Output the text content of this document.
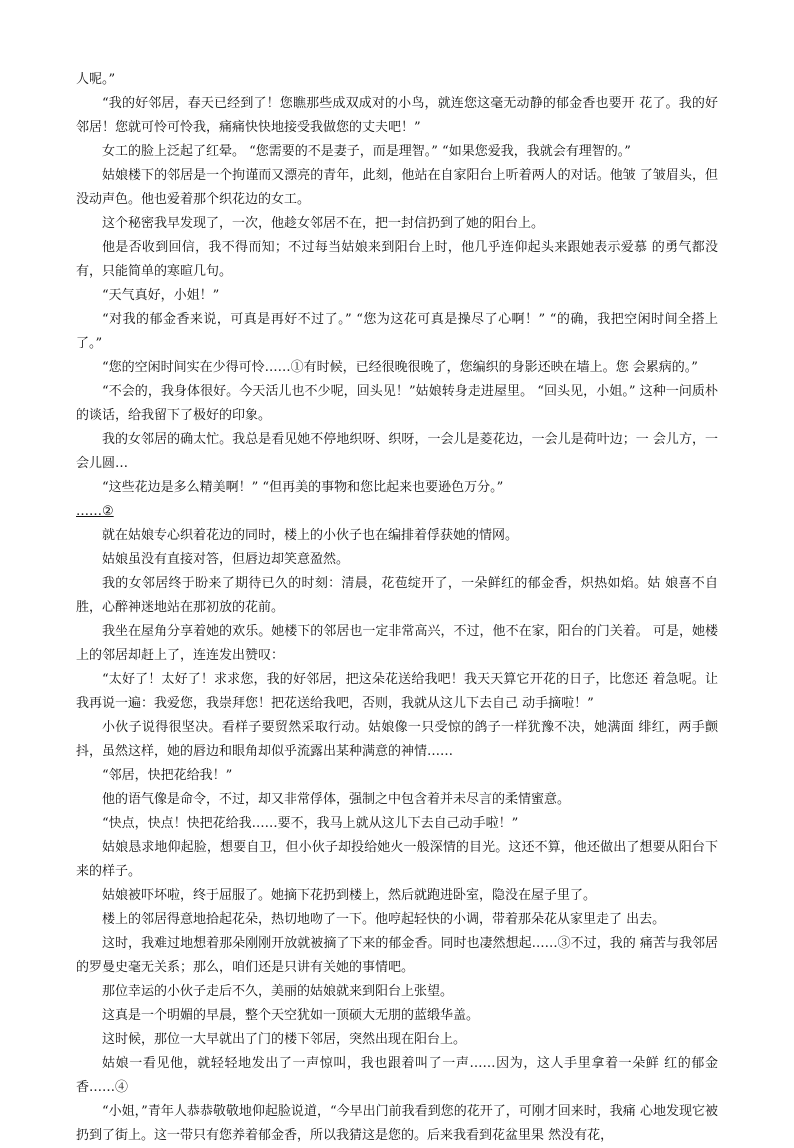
人呢。”

“我的好邻居，春天已经到了！您瞧那些成双成对的小鸟，就连您这毫无动静的郁金香也要开 花了。我的好邻居！您就可怜可怜我，痛痛快快地接受我做您的丈夫吧！”

女工的脸上泛起了红晕。 “您需要的不是妻子，而是理智。” “如果您爱我，我就会有理智的。”

姑娘楼下的邻居是一个拘谨而又漂亮的青年，此刻，他站在自家阳台上听着两人的对话。他皱 了皱眉头，但没动声色。他也爱着那个织花边的女工。

这个秘密我早发现了，一次，他趁女邻居不在，把一封信扔到了她的阳台上。

他是否收到回信，我不得而知；不过每当姑娘来到阳台上时，他几乎连仰起头来跟她表示爱慕 的勇气都没有，只能简单的寒暄几句。

“天气真好，小姐！”

“对我的郁金香来说，可真是再好不过了。” “您为这花可真是操尽了心啊！” “的确，我把空闲时间全搭上了。”

“您的空闲时间实在少得可怜……①有时候，已经很晚很晚了，您编织的身影还映在墙上。您 会累病的。”

“不会的，我身体很好。今天活儿也不少呢，回头见！”姑娘转身走进屋里。 “回头见，小姐。” 这种一问质朴的谈话，给我留下了极好的印象。

我的女邻居的确太忙。我总是看见她不停地织呀、织呀，一会儿是菱花边，一会儿是荷叶边；一 会儿方，一会儿圆…

“这些花边是多么精美啊！” “但再美的事物和您比起来也要逊色万分。”

……②

就在姑娘专心织着花边的同时，楼上的小伙子也在编排着俘获她的情网。

姑娘虽没有直接对答，但唇边却笑意盈然。

我的女邻居终于盼来了期待已久的时刻：清晨，花苞绽开了，一朵鲜红的郁金香，炽热如焰。姑 娘喜不自胜，心醉神迷地站在那初放的花前。

我坐在屋角分享着她的欢乐。她楼下的邻居也一定非常高兴，不过，他不在家，阳台的门关着。 可是，她楼上的邻居却赶上了，连连发出赞叹：

“太好了！太好了！求求您，我的好邻居，把这朵花送给我吧！我天天算它开花的日子，比您还 着急呢。让我再说一遍：我爱您，我崇拜您！把花送给我吧，否则，我就从这儿下去自己 动手摘啦！”

小伙子说得很坚决。看样子要贸然采取行动。姑娘像一只受惊的鸽子一样犹豫不决，她满面 绯红，两手颤抖，虽然这样，她的唇边和眼角却似乎流露出某种满意的神情……

“邻居，快把花给我！”

他的语气像是命令，不过，却又非常俘体，强制之中包含着并未尽言的柔情蜜意。

“快点，快点！快把花给我……要不，我马上就从这儿下去自己动手啦！”

姑娘恳求地仰起脸，想要自卫，但小伙子却投给她火一般深情的目光。这还不算，他还做出了想要从阳台下来的样子。

姑娘被吓坏啦，终于屈服了。她摘下花扔到楼上，然后就跑进卧室，隐没在屋子里了。

楼上的邻居得意地拾起花朵，热切地吻了一下。他哼起轻快的小调，带着那朵花从家里走了 出去。

这时，我难过地想着那朵刚刚开放就被摘了下来的郁金香。同时也凄然想起……③不过，我的 痛苦与我邻居的罗曼史毫无关系；那么，咱们还是只讲有关她的事情吧。

那位幸运的小伙子走后不久，美丽的姑娘就来到阳台上张望。

这真是一个明媚的早晨，整个天空犹如一顶硕大无朋的蓝缎华盖。

这时候，那位一大早就出了门的楼下邻居，突然出现在阳台上。

姑娘一看见他，就轻轻地发出了一声惊叫，我也跟着叫了一声……因为，这人手里拿着一朵鲜 红的郁金香……④

“小姐，”青年人恭恭敬敬地仰起脸说道，“今早出门前我看到您的花开了，可刚才回来时，我痛 心地发现它被扔到了街上。这一带只有您养着郁金香，所以我猜这是您的。后来我看到花盆里果 然没有花，
